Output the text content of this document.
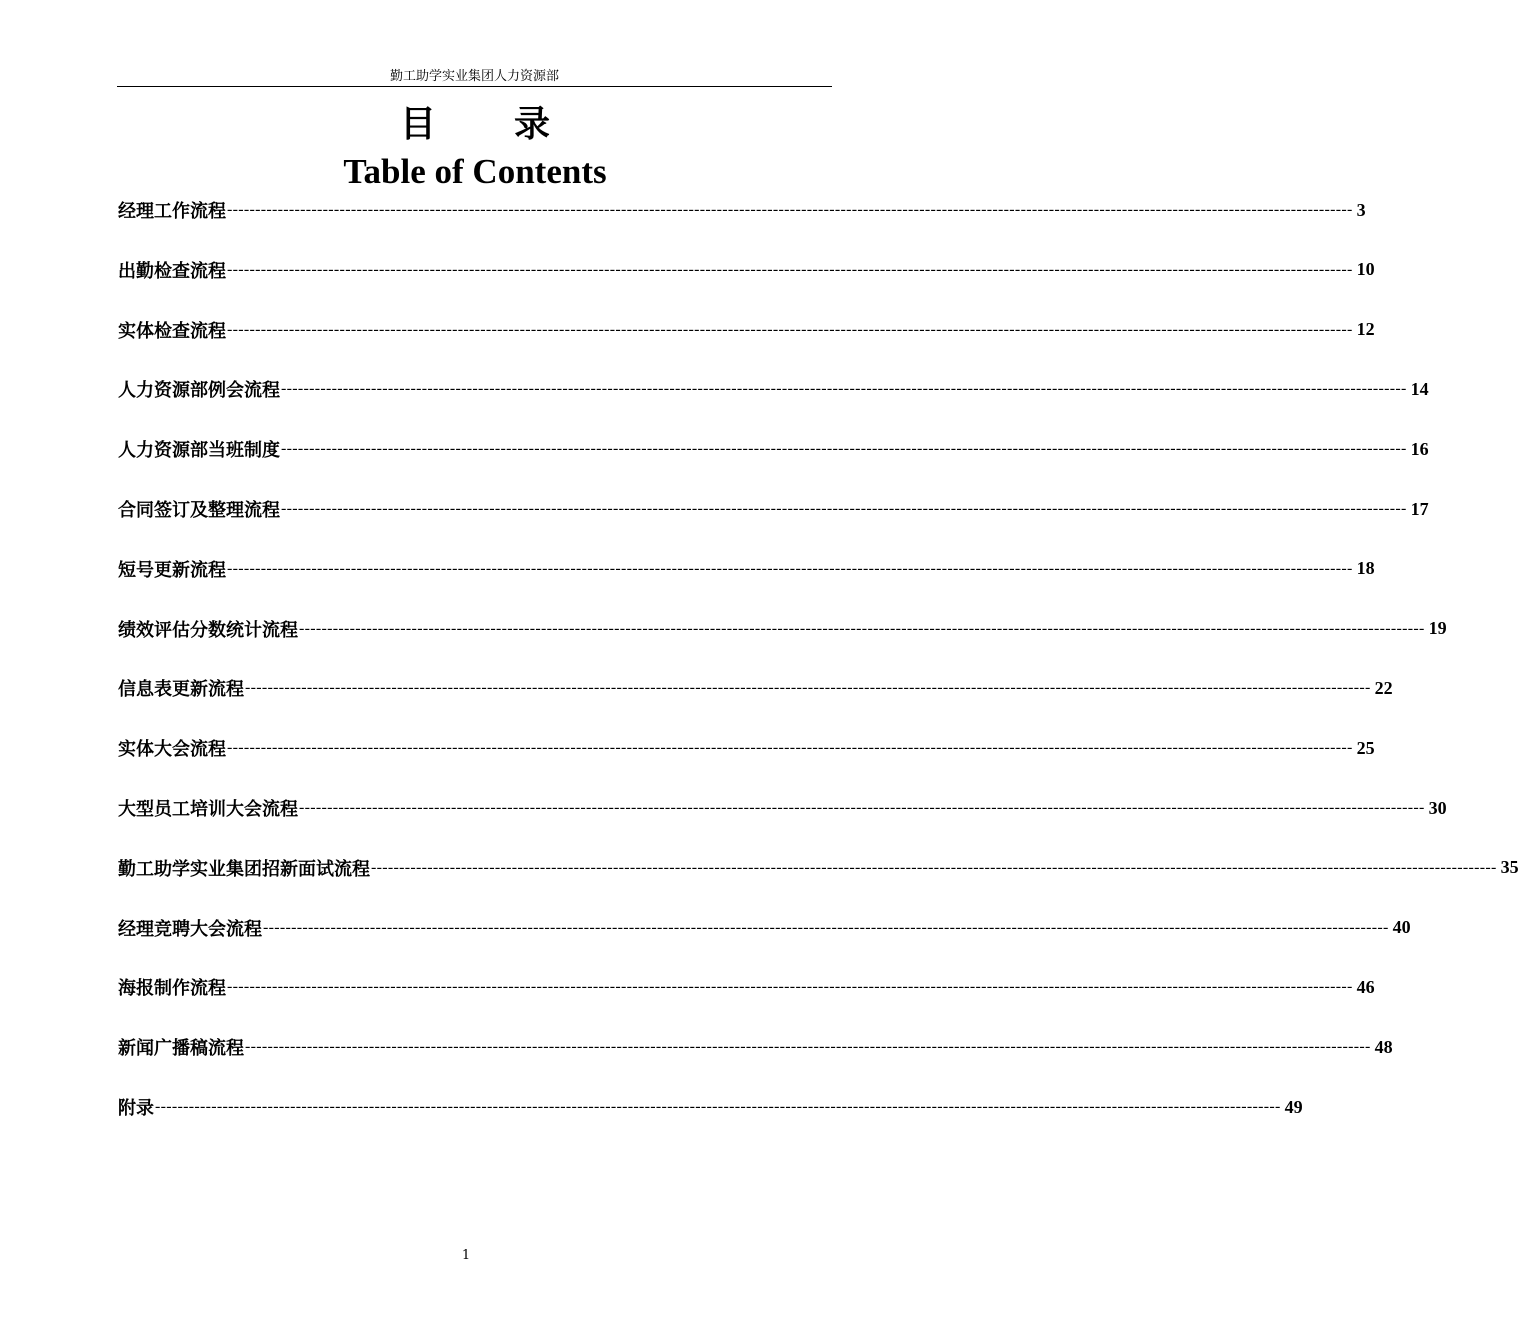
勤工助学实业集团人力资源部
目 录
Table of Contents
经理工作流程 -------------------------------------------------------------------------------------------------------------------------------------------------------------------------------------------------------- 3
出勤检查流程 -------------------------------------------------------------------------------------------------------------------------------------------------------------------------------------------------------- 10
实体检查流程 -------------------------------------------------------------------------------------------------------------------------------------------------------------------------------------------------------- 12
人力资源部例会流程 -------------------------------------------------------------------------------------------------------------------------------------------------------------------------------------------------------- 14
人力资源部当班制度 -------------------------------------------------------------------------------------------------------------------------------------------------------------------------------------------------------- 16
合同签订及整理流程 -------------------------------------------------------------------------------------------------------------------------------------------------------------------------------------------------------- 17
短号更新流程 -------------------------------------------------------------------------------------------------------------------------------------------------------------------------------------------------------- 18
绩效评估分数统计流程 -------------------------------------------------------------------------------------------------------------------------------------------------------------------------------------------------------- 19
信息表更新流程 -------------------------------------------------------------------------------------------------------------------------------------------------------------------------------------------------------- 22
实体大会流程 -------------------------------------------------------------------------------------------------------------------------------------------------------------------------------------------------------- 25
大型员工培训大会流程 -------------------------------------------------------------------------------------------------------------------------------------------------------------------------------------------------------- 30
勤工助学实业集团招新面试流程 -------------------------------------------------------------------------------------------------------------------------------------------------------------------------------------------------------- 35
经理竞聘大会流程 -------------------------------------------------------------------------------------------------------------------------------------------------------------------------------------------------------- 40
海报制作流程 -------------------------------------------------------------------------------------------------------------------------------------------------------------------------------------------------------- 46
新闻广播稿流程 -------------------------------------------------------------------------------------------------------------------------------------------------------------------------------------------------------- 48
附录 -------------------------------------------------------------------------------------------------------------------------------------------------------------------------------------------------------- 49
1
